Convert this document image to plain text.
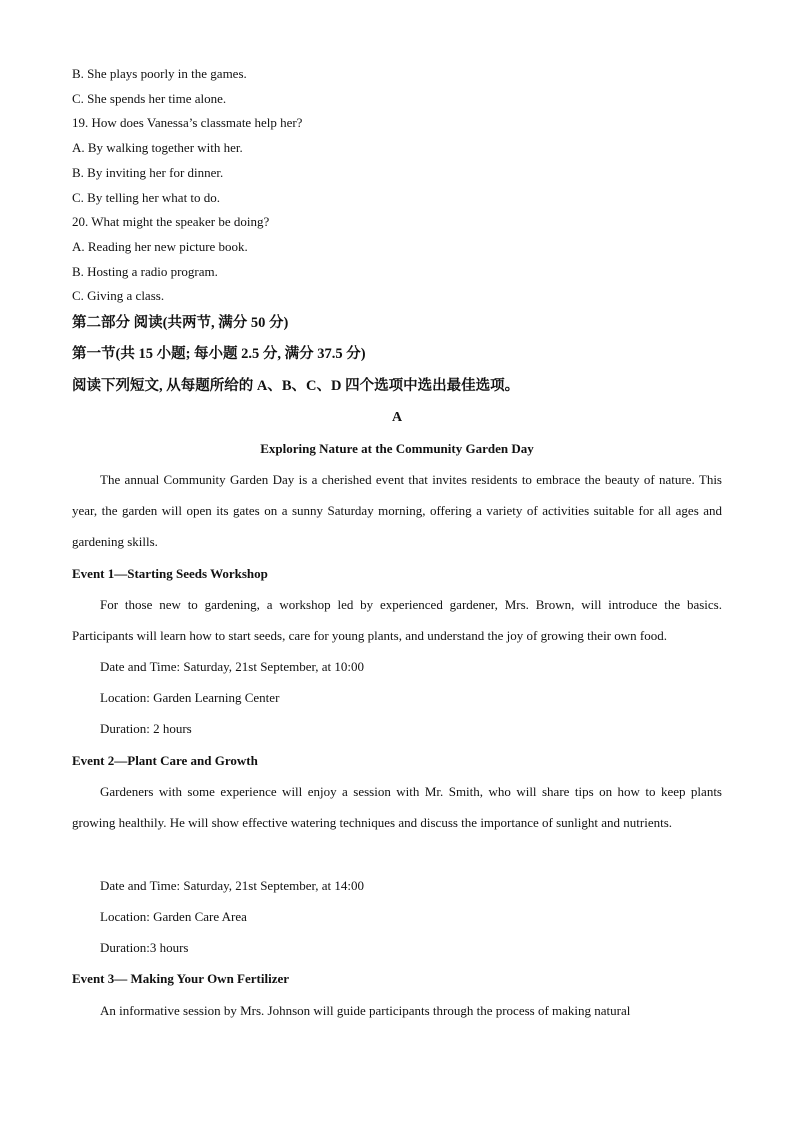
B. She plays poorly in the games.
C. She spends her time alone.
19. How does Vanessa’s classmate help her?
A. By walking together with her.
B. By inviting her for dinner.
C. By telling her what to do.
20. What might the speaker be doing?
A. Reading her new picture book.
B. Hosting a radio program.
C. Giving a class.
第二部分 阅读(共两节, 满分 50 分)
第一节(共 15 小题; 每小题 2.5 分, 满分 37.5 分)
阅读下列短文, 从每题所给的 A、B、C、D 四个选项中选出最佳选项。
A
Exploring Nature at the Community Garden Day
The annual Community Garden Day is a cherished event that invites residents to embrace the beauty of nature. This year, the garden will open its gates on a sunny Saturday morning, offering a variety of activities suitable for all ages and gardening skills.
Event 1—Starting Seeds Workshop
For those new to gardening, a workshop led by experienced gardener, Mrs. Brown, will introduce the basics. Participants will learn how to start seeds, care for young plants, and understand the joy of growing their own food.
Date and Time: Saturday, 21st September, at 10:00
Location: Garden Learning Center
Duration: 2 hours
Event 2—Plant Care and Growth
Gardeners with some experience will enjoy a session with Mr. Smith, who will share tips on how to keep plants growing healthily. He will show effective watering techniques and discuss the importance of sunlight and nutrients.
Date and Time: Saturday, 21st September, at 14:00
Location: Garden Care Area
Duration:3 hours
Event 3— Making Your Own Fertilizer
An informative session by Mrs. Johnson will guide participants through the process of making natural
